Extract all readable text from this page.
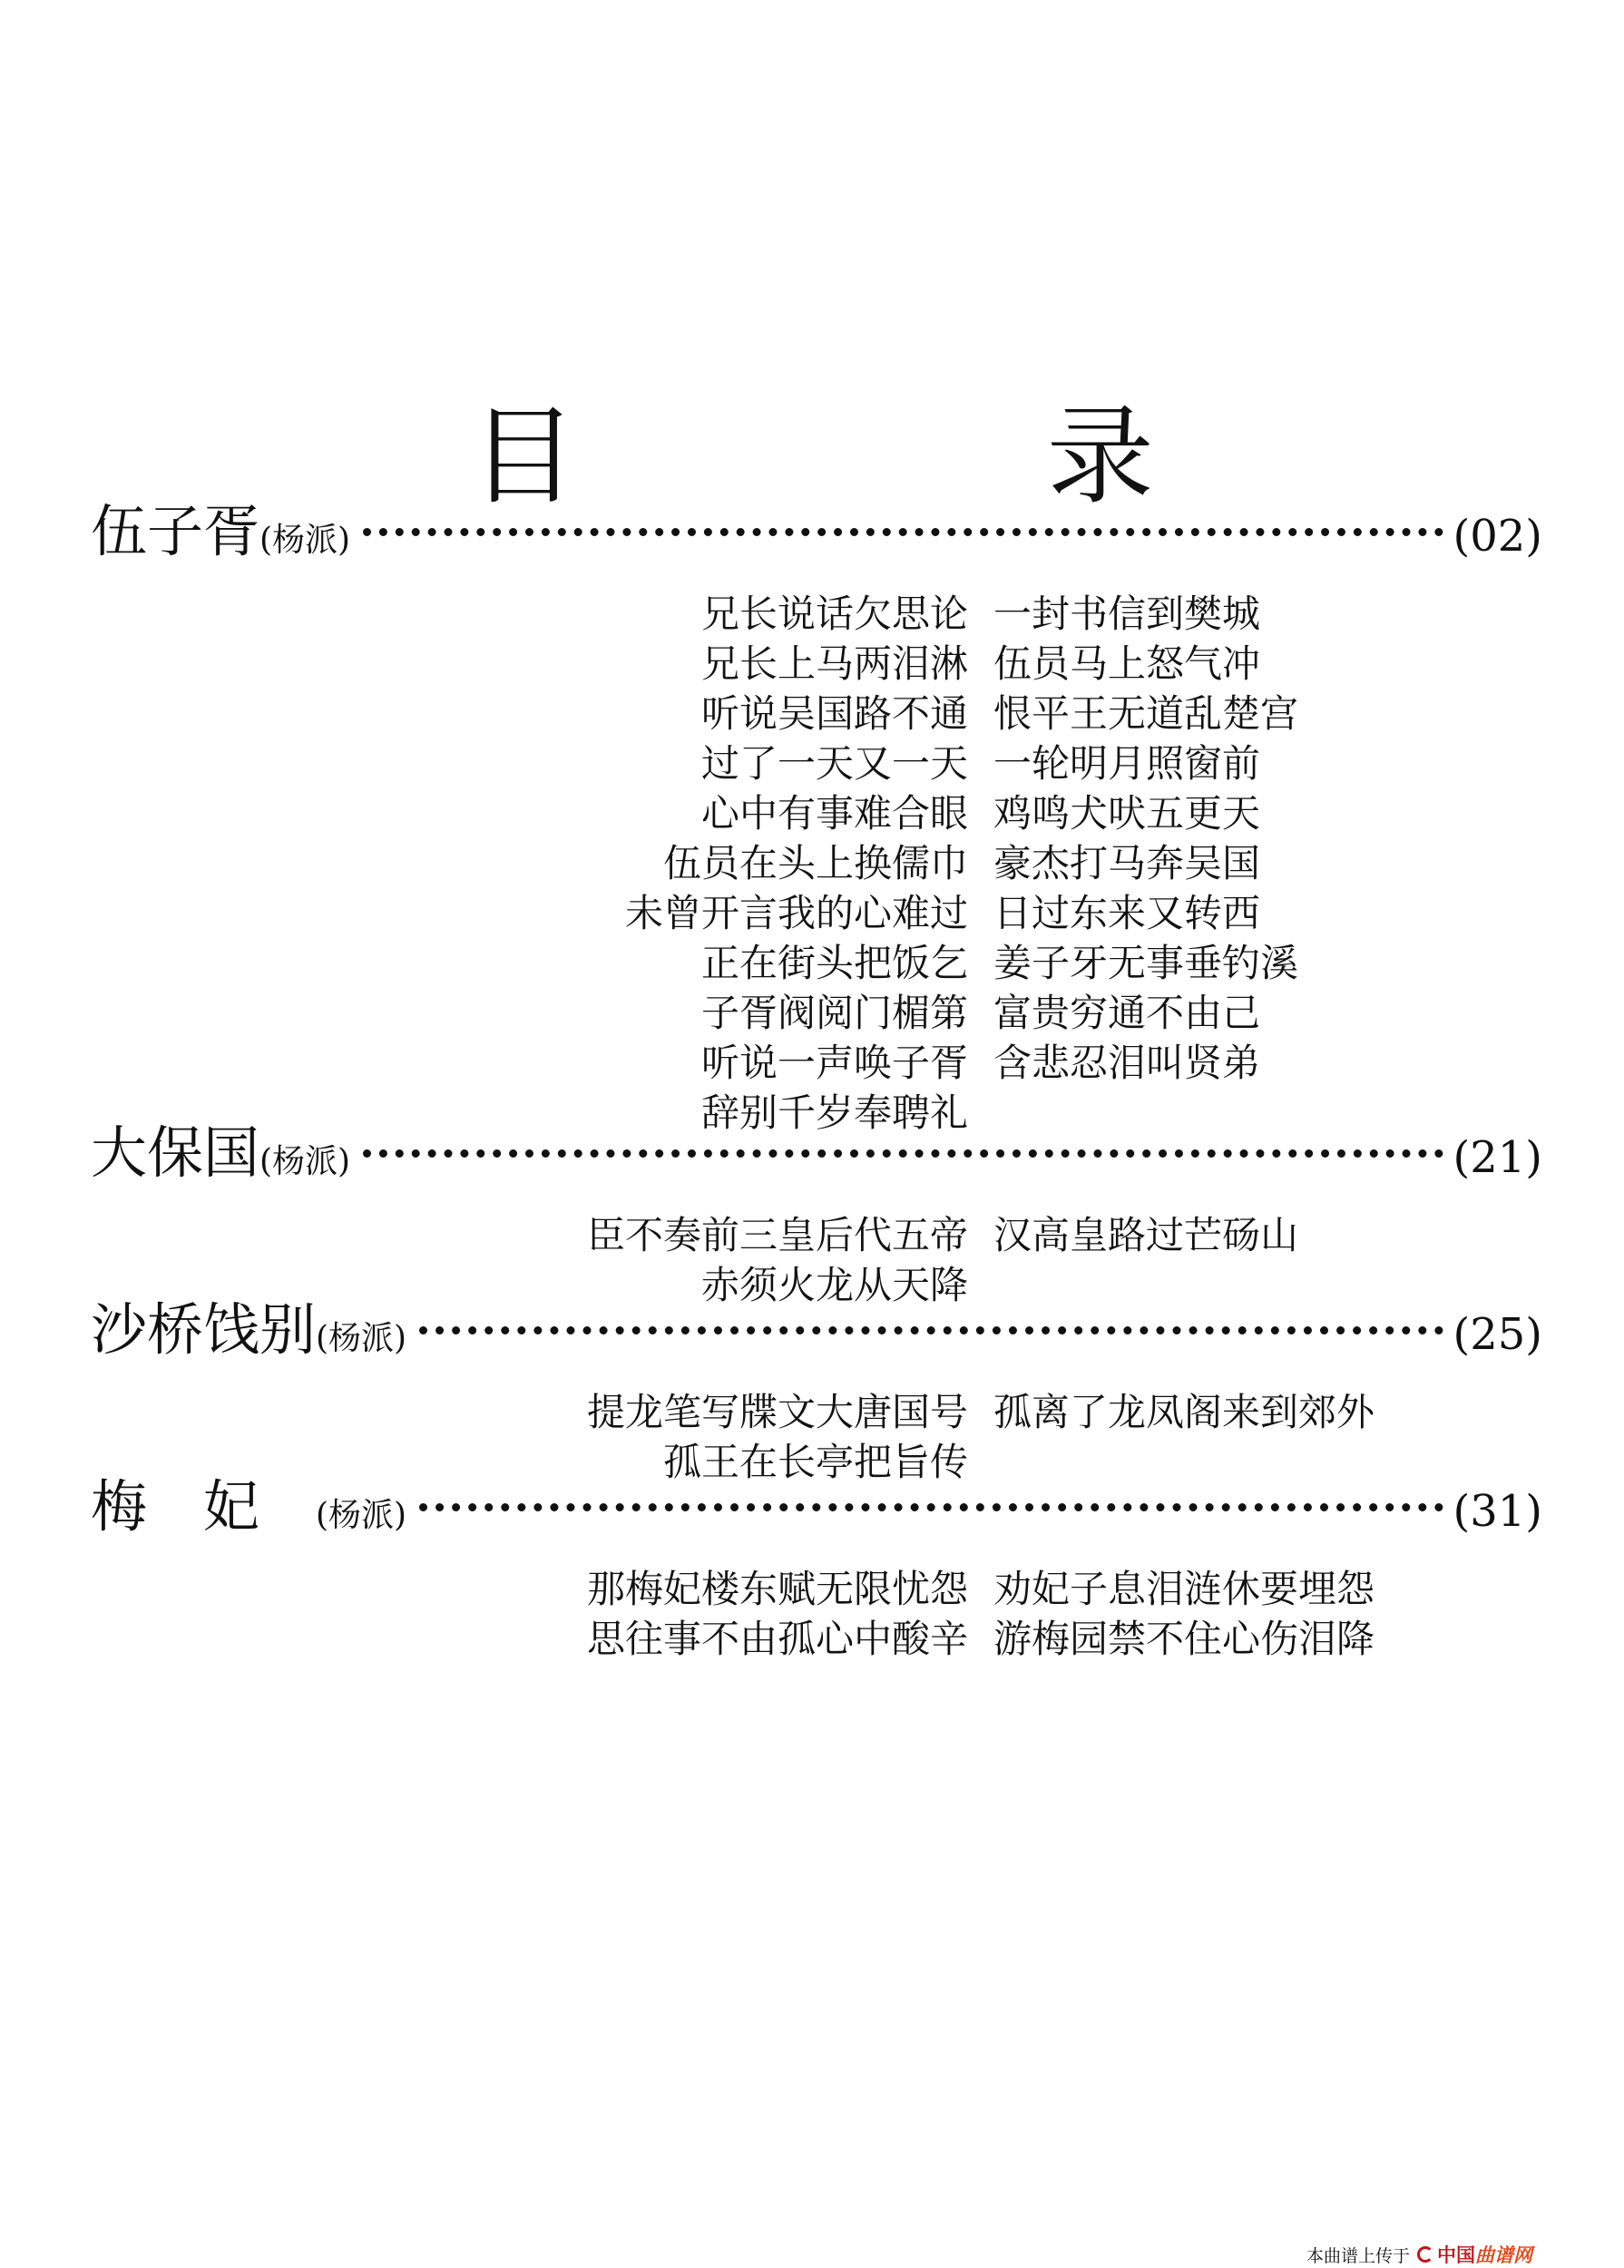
目 录
伍子胥 (杨派)	(02)
兄长说话欠思论 一封书信到樊城
兄长上马两泪淋 伍员马上怒气冲
听说吴国路不通 恨平王无道乱楚宫
过了一天又一天 一轮明月照窗前
心中有事难合眼 鸡鸣犬吠五更天
伍员在头上换儒巾 豪杰打马奔吴国
未曾开言我的心难过 日过东来又转西
正在街头把饭乞 姜子牙无事垂钓溪
子胥阀阅门楣第 富贵穷通不由己
听说一声唤子胥 含悲忍泪叫贤弟
辞别千岁奉聘礼
大保国 (杨派)	(21)
臣不奏前三皇后代五帝 汉高皇路过芒砀山
赤须火龙从天降
沙桥饯别 (杨派)	(25)
提龙笔写牒文大唐国号 孤离了龙凤阁来到郊外
孤王在长亭把旨传
梅妃 (杨派)	(31)
那梅妃楼东赋无限忧怨 劝妃子息泪涟休要埋怨
思往事不由孤心中酸辛 游梅园禁不住心伤泪降
本曲谱上传于 中国 曲谱网
